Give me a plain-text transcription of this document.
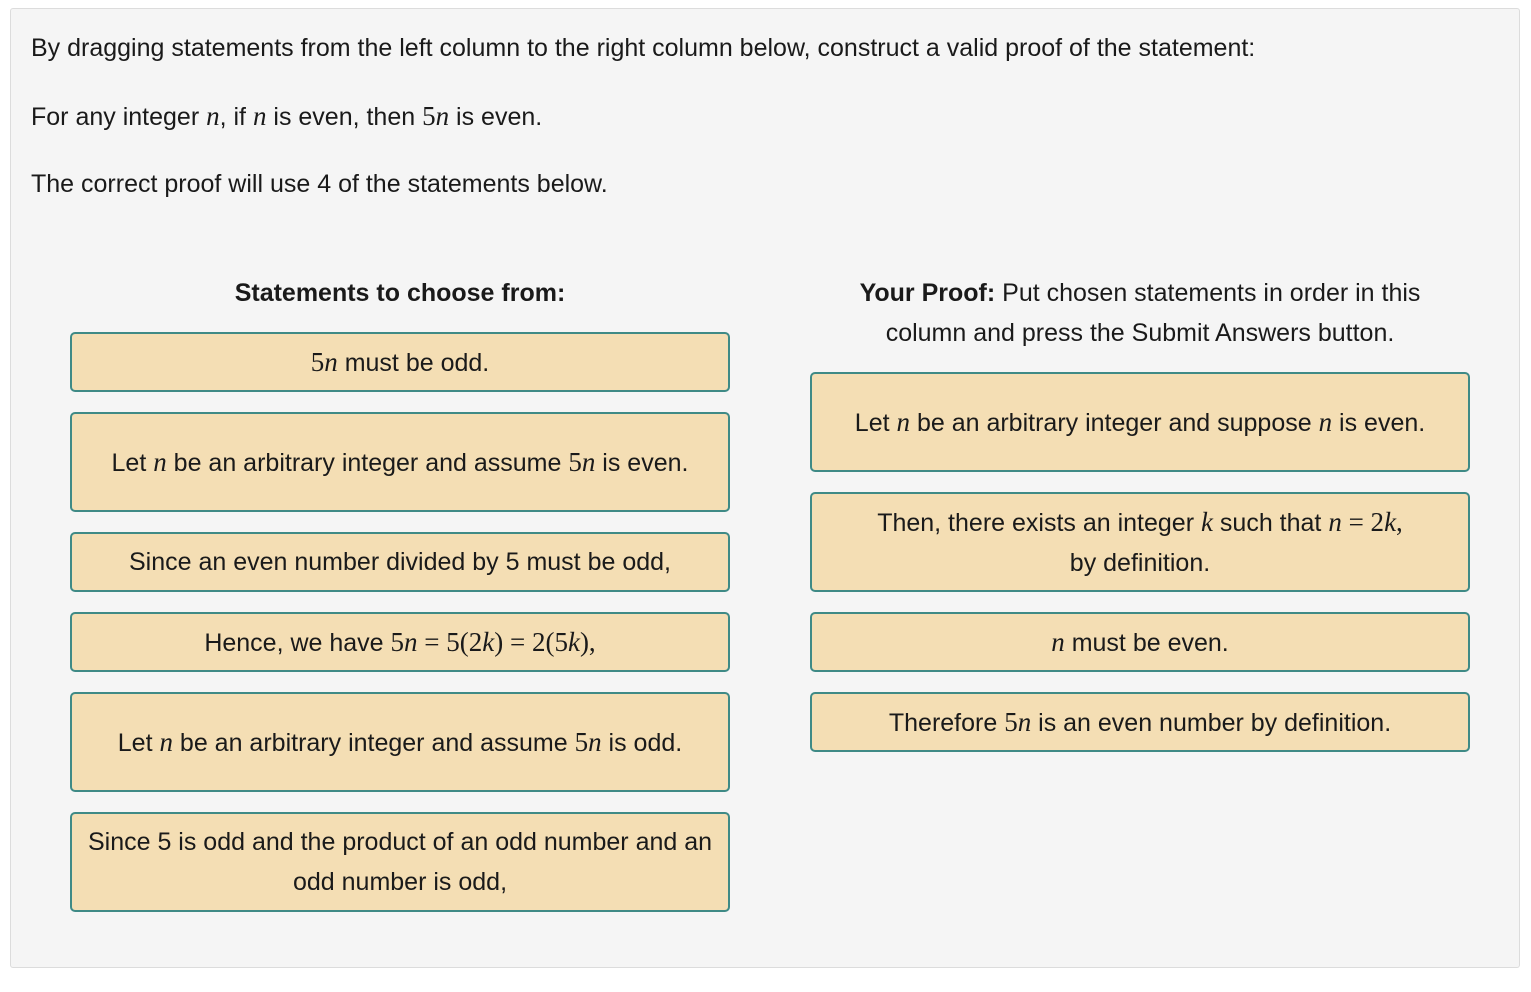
By dragging statements from the left column to the right column below, construct a valid proof of the statement:

For any integer n, if n is even, then 5n is even.

The correct proof will use 4 of the statements below.

Statements to choose from:

5n must be odd.
Let n be an arbitrary integer and assume 5n is even.
Since an even number divided by 5 must be odd,
Hence, we have 5n = 5(2k) = 2(5k),
Let n be an arbitrary integer and assume 5n is odd.
Since 5 is odd and the product of an odd number and an odd number is odd,

Your Proof: Put chosen statements in order in this
column and press the Submit Answers button.

Let n be an arbitrary integer and suppose n is even.
Then, there exists an integer k such that n = 2k,
by definition.
n must be even.
Therefore 5n is an even number by definition.
